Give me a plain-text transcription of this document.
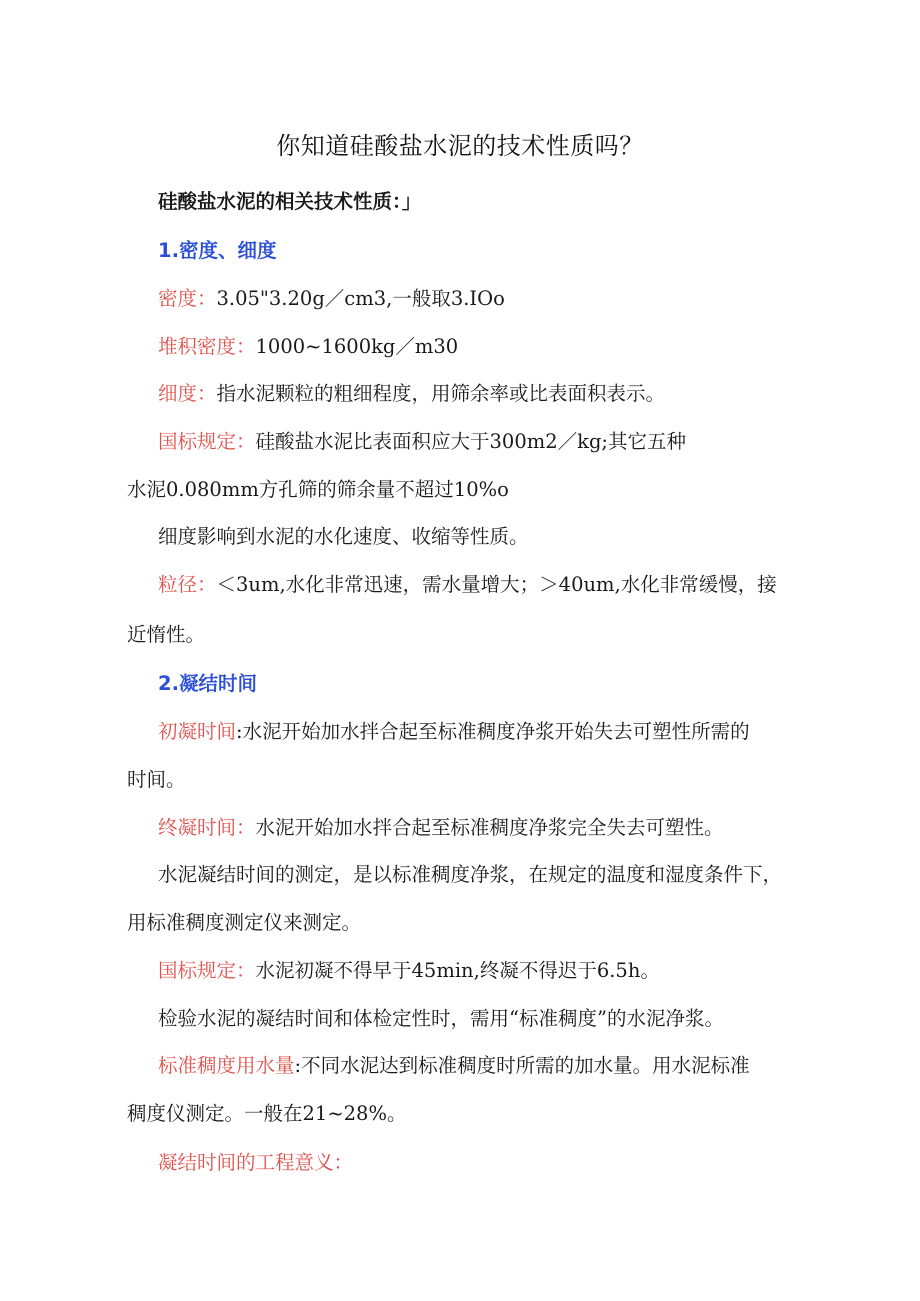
你知道硅酸盐水泥的技术性质吗？
硅酸盐水泥的相关技术性质：」
1.密度、细度
密度：3.05"3.20g／cm3,一般取3.IOo
堆积密度：1000~1600kg／m30
细度：指水泥颗粒的粗细程度，用筛余率或比表面积表示。
国标规定：硅酸盐水泥比表面积应大于300m2／kg;其它五种
水泥0.080mm方孔筛的筛余量不超过10%o
细度影响到水泥的水化速度、收缩等性质。
粒径：＜3um,水化非常迅速，需水量增大；＞40um,水化非常缓慢，接
近惰性。
2.凝结时间
初凝时间:水泥开始加水拌合起至标准稠度净浆开始失去可塑性所需的
时间。
终凝时间：水泥开始加水拌合起至标准稠度净浆完全失去可塑性。
水泥凝结时间的测定，是以标准稠度净浆，在规定的温度和湿度条件下，
用标准稠度测定仪来测定。
国标规定：水泥初凝不得早于45min,终凝不得迟于6.5h。
检验水泥的凝结时间和体检定性时，需用“标准稠度”的水泥净浆。
标准稠度用水量:不同水泥达到标准稠度时所需的加水量。用水泥标准
稠度仪测定。一般在21~28%。
凝结时间的工程意义：
